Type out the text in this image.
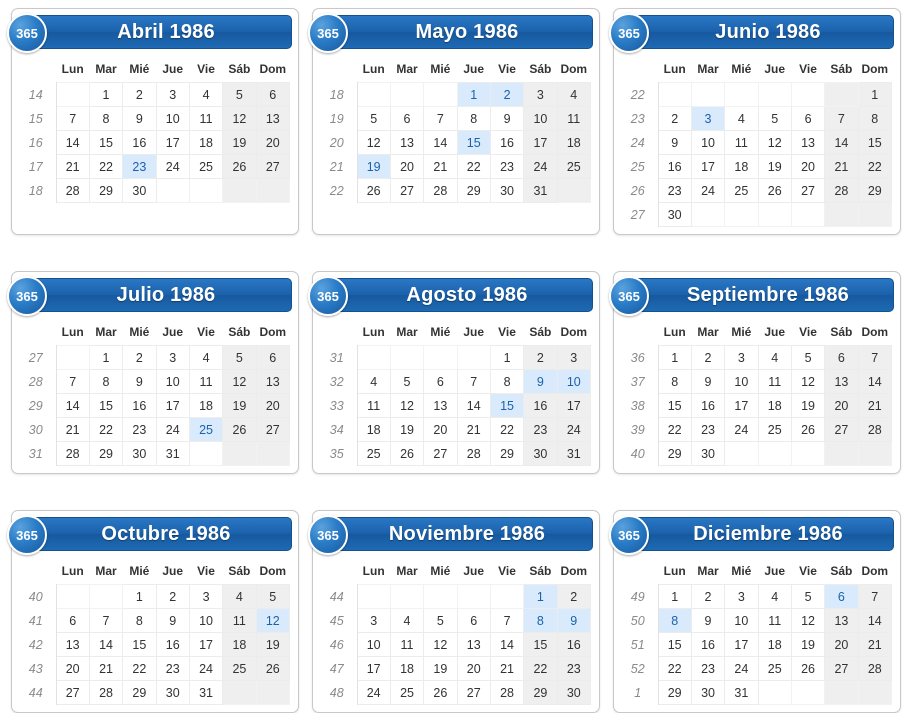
365	Abril 1986
	Lun	Mar	Mié	Jue	Vie	Sáb	Dom
14		1	2	3	4	5	6
15	7	8	9	10	11	12	13
16	14	15	16	17	18	19	20
17	21	22	23	24	25	26	27
18	28	29	30				
365	Mayo 1986
	Lun	Mar	Mié	Jue	Vie	Sáb	Dom
18				1	2	3	4
19	5	6	7	8	9	10	11
20	12	13	14	15	16	17	18
21	19	20	21	22	23	24	25
22	26	27	28	29	30	31	
365	Junio 1986
	Lun	Mar	Mié	Jue	Vie	Sáb	Dom
22							1
23	2	3	4	5	6	7	8
24	9	10	11	12	13	14	15
25	16	17	18	19	20	21	22
26	23	24	25	26	27	28	29
27	30						
365	Julio 1986
	Lun	Mar	Mié	Jue	Vie	Sáb	Dom
27		1	2	3	4	5	6
28	7	8	9	10	11	12	13
29	14	15	16	17	18	19	20
30	21	22	23	24	25	26	27
31	28	29	30	31			
365	Agosto 1986
	Lun	Mar	Mié	Jue	Vie	Sáb	Dom
31					1	2	3
32	4	5	6	7	8	9	10
33	11	12	13	14	15	16	17
34	18	19	20	21	22	23	24
35	25	26	27	28	29	30	31
365	Septiembre 1986
	Lun	Mar	Mié	Jue	Vie	Sáb	Dom
36	1	2	3	4	5	6	7
37	8	9	10	11	12	13	14
38	15	16	17	18	19	20	21
39	22	23	24	25	26	27	28
40	29	30					
365	Octubre 1986
	Lun	Mar	Mié	Jue	Vie	Sáb	Dom
40			1	2	3	4	5
41	6	7	8	9	10	11	12
42	13	14	15	16	17	18	19
43	20	21	22	23	24	25	26
44	27	28	29	30	31		
365	Noviembre 1986
	Lun	Mar	Mié	Jue	Vie	Sáb	Dom
44						1	2
45	3	4	5	6	7	8	9
46	10	11	12	13	14	15	16
47	17	18	19	20	21	22	23
48	24	25	26	27	28	29	30
365	Diciembre 1986
	Lun	Mar	Mié	Jue	Vie	Sáb	Dom
49	1	2	3	4	5	6	7
50	8	9	10	11	12	13	14
51	15	16	17	18	19	20	21
52	22	23	24	25	26	27	28
1	29	30	31				
